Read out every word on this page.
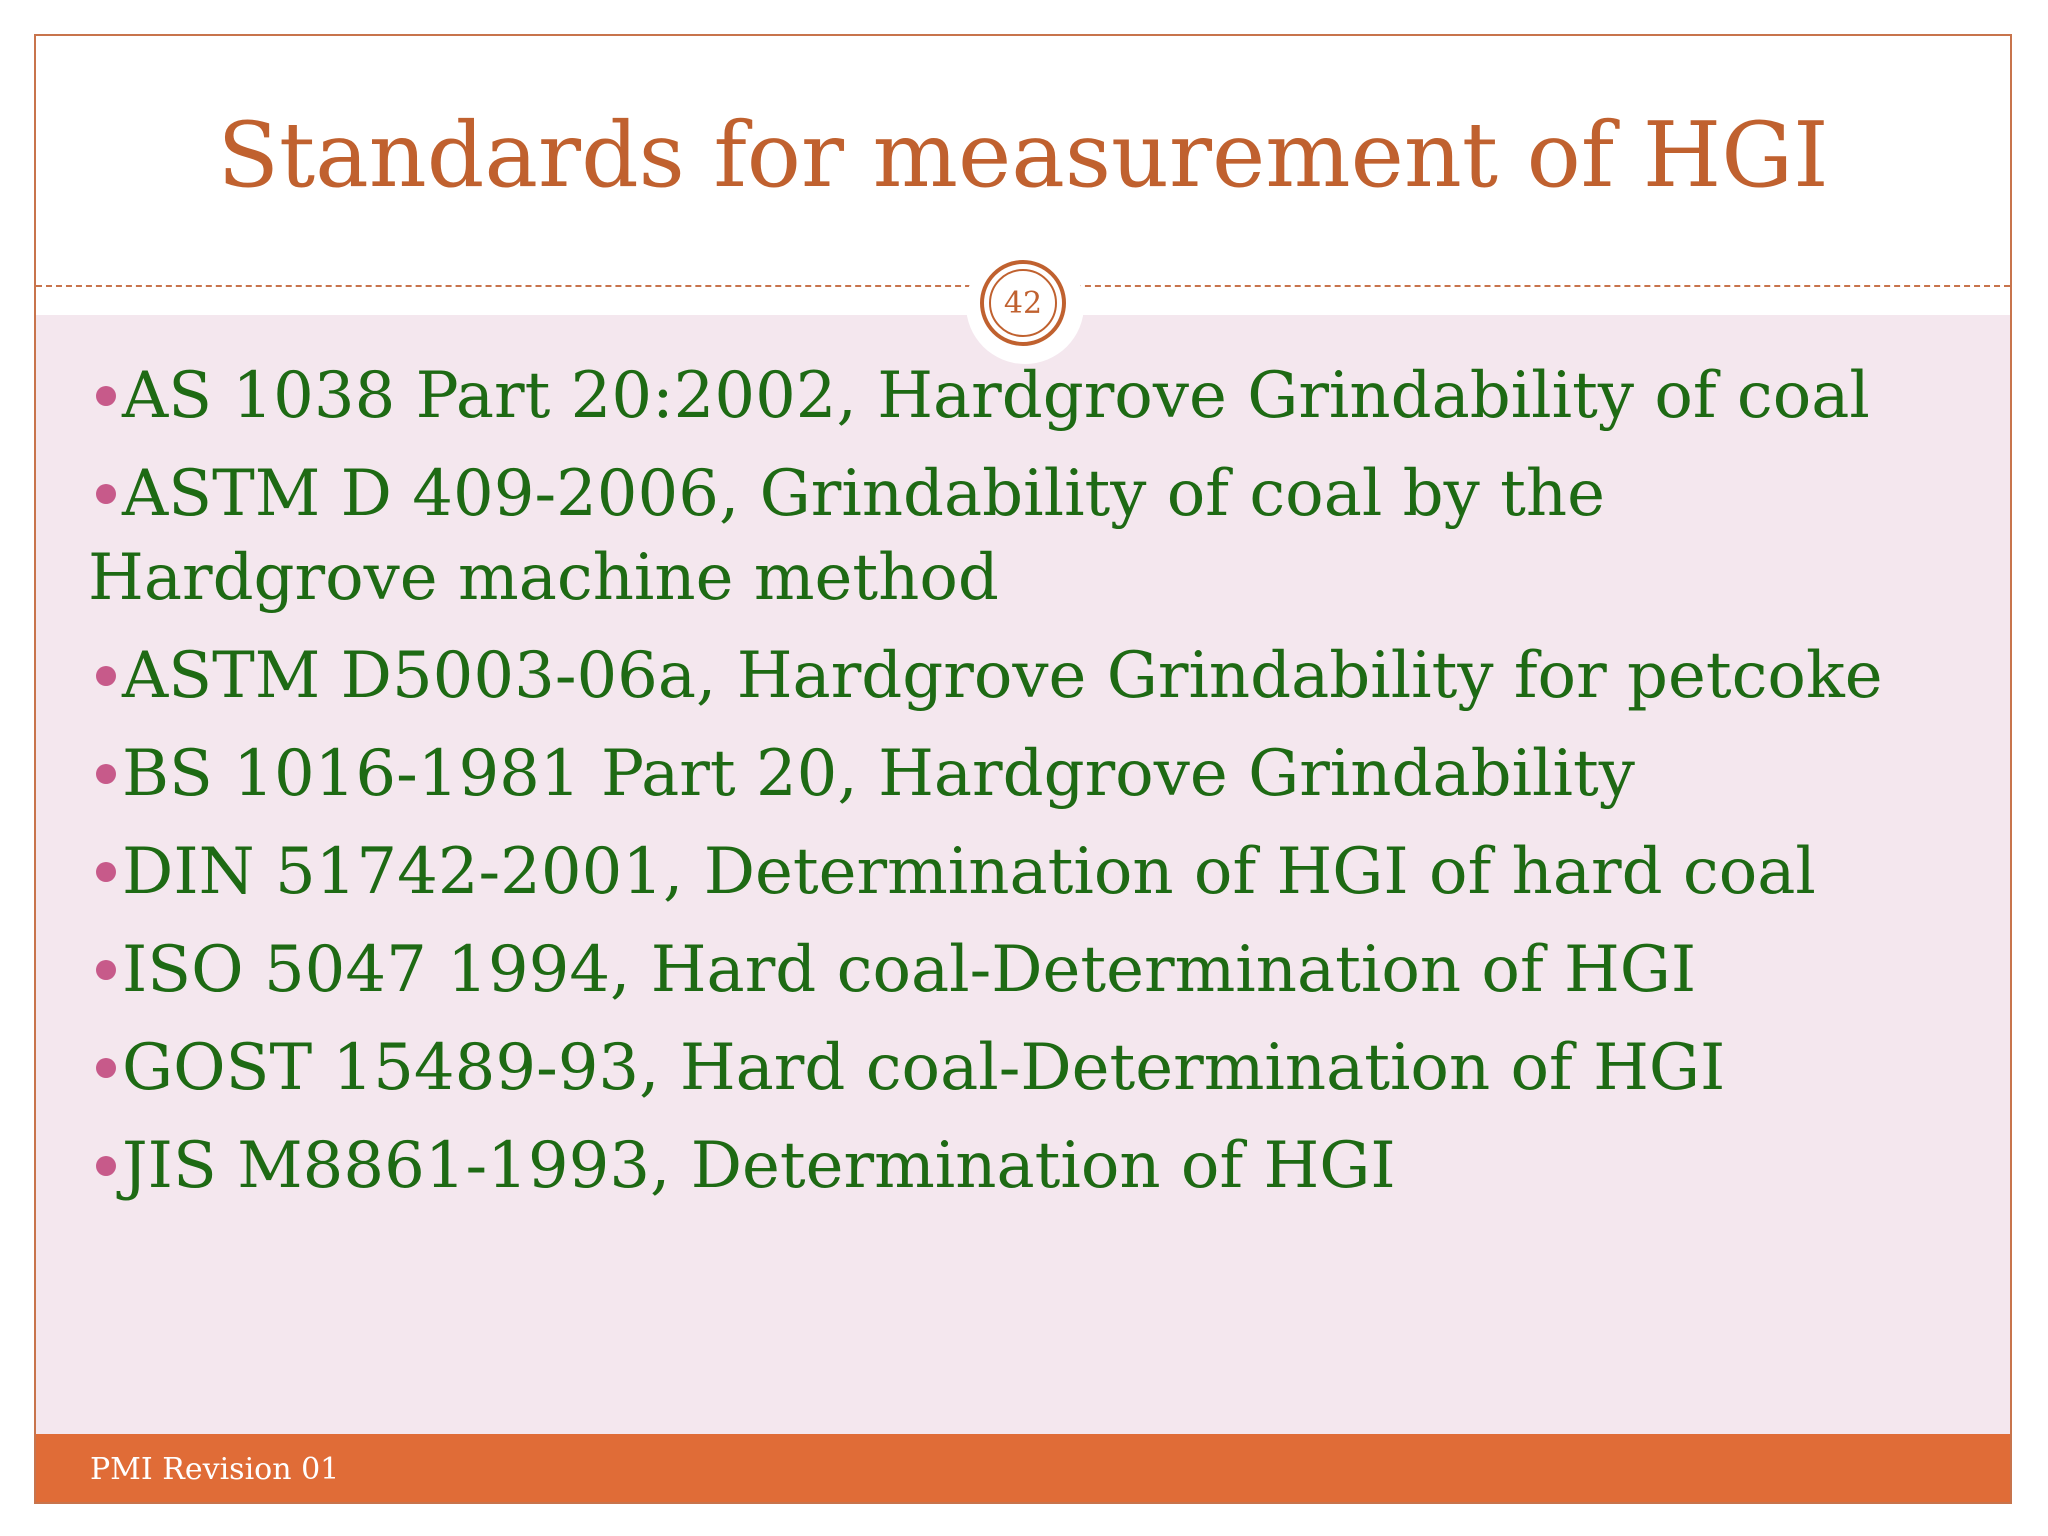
Standards for measurement of HGI
42
AS 1038 Part 20:2002, Hardgrove Grindability of coal
ASTM D 409-2006, Grindability of coal by the Hardgrove machine method
ASTM D5003-06a, Hardgrove Grindability for petcoke
BS 1016-1981 Part 20, Hardgrove Grindability
DIN 51742-2001, Determination of HGI of hard coal
ISO 5047 1994, Hard coal-Determination of HGI
GOST 15489-93, Hard coal-Determination of HGI
JIS M8861-1993, Determination of HGI
PMI Revision 01
